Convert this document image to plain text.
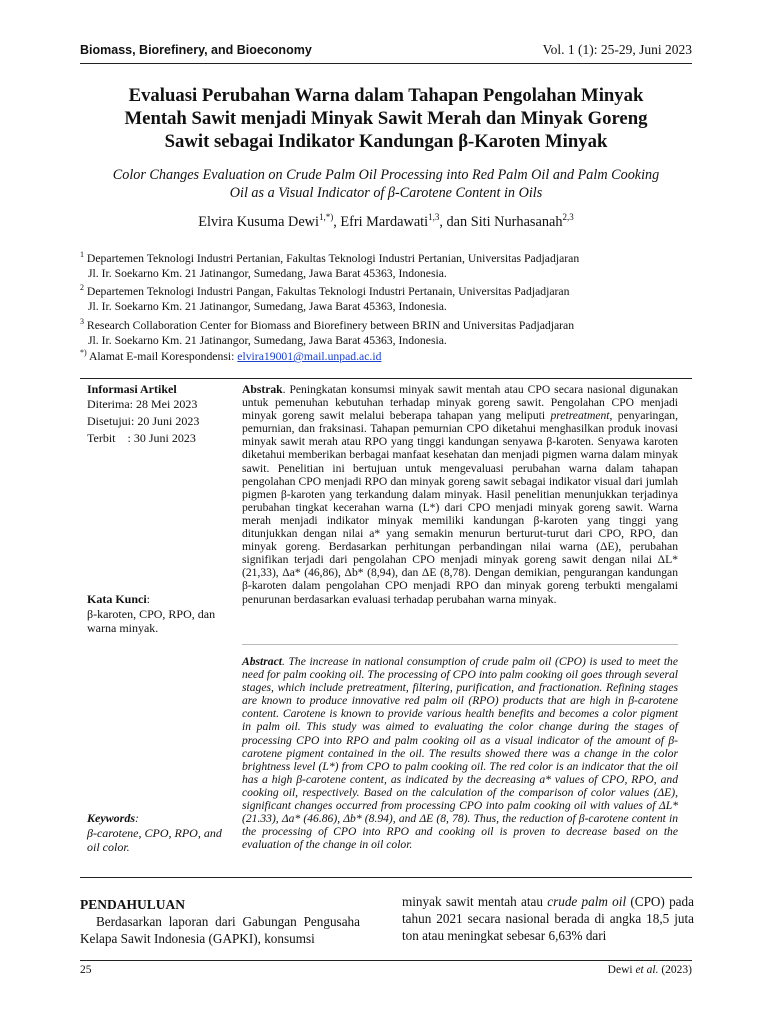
Biomass, Biorefinery, and Bioeconomy	Vol. 1 (1): 25-29, Juni 2023
Evaluasi Perubahan Warna dalam Tahapan Pengolahan Minyak
Mentah Sawit menjadi Minyak Sawit Merah dan Minyak Goreng
Sawit sebagai Indikator Kandungan β-Karoten Minyak
Color Changes Evaluation on Crude Palm Oil Processing into Red Palm Oil and Palm Cooking
Oil as a Visual Indicator of β-Carotene Content in Oils
Elvira Kusuma Dewi$^{1,*)}$, Efri Mardawati$^{1,3}$, dan Siti Nurhasanah$^{2,3}$
$^1$ Departemen Teknologi Industri Pertanian, Fakultas Teknologi Industri Pertanian, Universitas Padjadjaran
Jl. Ir. Soekarno Km. 21 Jatinangor, Sumedang, Jawa Barat 45363, Indonesia.
$^2$ Departemen Teknologi Industri Pangan, Fakultas Teknologi Industri Pertanain, Universitas Padjadjaran
Jl. Ir. Soekarno Km. 21 Jatinangor, Sumedang, Jawa Barat 45363, Indonesia.
$^3$ Research Collaboration Center for Biomass and Biorefinery between BRIN and Universitas Padjadjaran
Jl. Ir. Soekarno Km. 21 Jatinangor, Sumedang, Jawa Barat 45363, Indonesia.
*) Alamat E-mail Korespondensi: elvira19001@mail.unpad.ac.id
Informasi Artikel
Diterima: 28 Mei 2023
Disetujui: 20 Juni 2023
Terbit    : 30 Juni 2023
Kata Kunci:
β-karoten, CPO, RPO, dan warna minyak.
Keywords:
β-carotene, CPO, RPO, and oil color.
Abstrak. Peningkatan konsumsi minyak sawit mentah atau CPO secara nasional digunakan untuk pemenuhan kebutuhan terhadap minyak goreng sawit. Pengolahan CPO menjadi minyak goreng sawit melalui beberapa tahapan yang meliputi pretreatment, penyaringan, pemurnian, dan fraksinasi. Tahapan pemurnian CPO diketahui menghasilkan produk inovasi minyak sawit merah atau RPO yang tinggi kandungan senyawa β-karoten. Senyawa karoten diketahui memberikan berbagai manfaat kesehatan dan menjadi pigmen warna dalam minyak sawit. Penelitian ini bertujuan untuk mengevaluasi perubahan warna dalam tahapan pengolahan CPO menjadi RPO dan minyak goreng sawit sebagai indikator visual dari jumlah pigmen β-karoten yang terkandung dalam minyak. Hasil penelitian menunjukkan terjadinya perubahan tingkat kecerahan warna (L*) dari CPO menjadi minyak goreng sawit. Warna merah menjadi indikator minyak memiliki kandungan β-karoten yang tinggi yang ditunjukkan dengan nilai a* yang semakin menurun berturut-turut dari CPO, RPO, dan minyak goreng. Berdasarkan perhitungan perbandingan nilai warna (ΔE), perubahan signifikan terjadi dari pengolahan CPO menjadi minyak goreng sawit dengan nilai ΔL* (21,33), Δa* (46,86), Δb* (8,94), dan ΔE (8,78). Dengan demikian, pengurangan kandungan β-karoten dalam pengolahan CPO menjadi RPO dan minyak goreng terbukti mengalami penurunan berdasarkan evaluasi terhadap perubahan warna minyak.
Abstract. The increase in national consumption of crude palm oil (CPO) is used to meet the need for palm cooking oil. The processing of CPO into palm cooking oil goes through several stages, which include pretreatment, filtering, purification, and fractionation. Refining stages are known to produce innovative red palm oil (RPO) products that are high in β-carotene content. Carotene is known to provide various health benefits and becomes a color pigment in palm oil. This study was aimed to evaluating the color change during the stages of processing CPO into RPO and palm cooking oil as a visual indicator of the amount of β-carotene pigment contained in the oil. The results showed there was a change in the color brightness level (L*) from CPO to palm cooking oil. The red color is an indicator that the oil has a high β-carotene content, as indicated by the decreasing a* values of CPO, RPO, and cooking oil, respectively. Based on the calculation of the comparison of color values (ΔE), significant changes occurred from processing CPO into palm cooking oil with values of ΔL* (21.33), Δa* (46.86), Δb* (8.94), and ΔE (8, 78). Thus, the reduction of β-carotene content in the processing of CPO into RPO and cooking oil is proven to decrease based on the evaluation of the change in oil color.
PENDAHULUAN
Berdasarkan laporan dari Gabungan Pengusaha Kelapa Sawit Indonesia (GAPKI), konsumsi
minyak sawit mentah atau crude palm oil (CPO) pada tahun 2021 secara nasional berada di angka 18,5 juta ton atau meningkat sebesar 6,63% dari
25	Dewi et al. (2023)
